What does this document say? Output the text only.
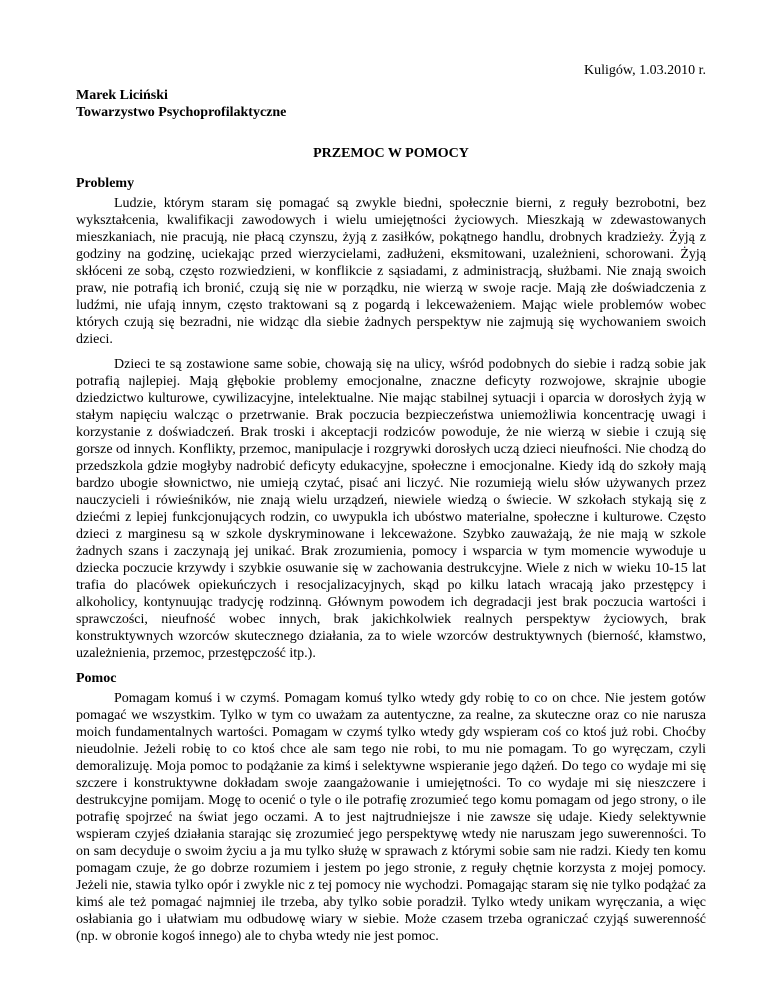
Kuligów, 1.03.2010 r.
Marek Liciński
Towarzystwo Psychoprofilaktyczne
PRZEMOC W POMOCY
Problemy

Ludzie, którym staram się pomagać są zwykle biedni, społecznie bierni, z reguły bezrobotni, bez wykształcenia, kwalifikacji zawodowych i wielu umiejętności życiowych. Mieszkają w zdewastowanych mieszkaniach, nie pracują, nie płacą czynszu, żyją z zasiłków, pokątnego handlu, drobnych kradzieży. Żyją z godziny na godzinę, uciekając przed wierzycielami, zadłużeni, eksmitowani, uzależnieni, schorowani. Żyją skłóceni ze sobą, często rozwiedzieni, w konflikcie z sąsiadami, z administracją, służbami. Nie znają swoich praw, nie potrafią ich bronić, czują się nie w porządku, nie wierzą w swoje racje. Mają złe doświadczenia z ludźmi, nie ufają innym, często traktowani są z pogardą i lekceważeniem. Mając wiele problemów wobec których czują się bezradni, nie widząc dla siebie żadnych perspektyw nie zajmują się wychowaniem swoich dzieci.

Dzieci te są zostawione same sobie, chowają się na ulicy, wśród podobnych do siebie i radzą sobie jak potrafią najlepiej. Mają głębokie problemy emocjonalne, znaczne deficyty rozwojowe, skrajnie ubogie dziedzictwo kulturowe, cywilizacyjne, intelektualne. Nie mając stabilnej sytuacji i oparcia w dorosłych żyją w stałym napięciu walcząc o przetrwanie. Brak poczucia bezpieczeństwa uniemożliwia koncentrację uwagi i korzystanie z doświadczeń. Brak troski i akceptacji rodziców powoduje, że nie wierzą w siebie i czują się gorsze od innych. Konflikty, przemoc, manipulacje i rozgrywki dorosłych uczą dzieci nieufności. Nie chodzą do przedszkola gdzie mogłyby nadrobić deficyty edukacyjne, społeczne i emocjonalne. Kiedy idą do szkoły mają bardzo ubogie słownictwo, nie umieją czytać, pisać ani liczyć. Nie rozumieją wielu słów używanych przez nauczycieli i rówieśników, nie znają wielu urządzeń, niewiele wiedzą o świecie. W szkołach stykają się z dziećmi z lepiej funkcjonujących rodzin, co uwypukla ich ubóstwo materialne, społeczne i kulturowe. Często dzieci z marginesu są w szkole dyskryminowane i lekceważone. Szybko zauważają, że nie mają w szkole żadnych szans i zaczynają jej unikać. Brak zrozumienia, pomocy i wsparcia w tym momencie wywoduje u dziecka poczucie krzywdy i szybkie osuwanie się w zachowania destrukcyjne. Wiele z nich w wieku 10-15 lat trafia do placówek opiekuńczych i resocjalizacyjnych, skąd po kilku latach wracają jako przestępcy i alkoholicy, kontynuując tradycję rodzinną. Głównym powodem ich degradacji jest brak poczucia wartości i sprawczości, nieufność wobec innych, brak jakichkolwiek realnych perspektyw życiowych, brak konstruktywnych wzorców skutecznego działania, za to wiele wzorców destruktywnych (bierność, kłamstwo, uzależnienia, przemoc, przestępczość itp.).

Pomoc

Pomagam komuś i w czymś. Pomagam komuś tylko wtedy gdy robię to co on chce. Nie jestem gotów pomagać we wszystkim. Tylko w tym co uważam za autentyczne, za realne, za skuteczne oraz co nie narusza moich fundamentalnych wartości. Pomagam w czymś tylko wtedy gdy wspieram coś co ktoś już robi. Choćby nieudolnie. Jeżeli robię to co ktoś chce ale sam tego nie robi, to mu nie pomagam. To go wyręczam, czyli demoralizuję. Moja pomoc to podążanie za kimś i selektywne wspieranie jego dążeń. Do tego co wydaje mi się szczere i konstruktywne dokładam swoje zaangażowanie i umiejętności. To co wydaje mi się nieszczere i destrukcyjne pomijam. Mogę to ocenić o tyle o ile potrafię zrozumieć tego komu pomagam od jego strony, o ile potrafię spojrzeć na świat jego oczami. A to jest najtrudniejsze i nie zawsze się udaje. Kiedy selektywnie wspieram czyjeś działania starając się zrozumieć jego perspektywę wtedy nie naruszam jego suwerenności. To on sam decyduje o swoim życiu a ja mu tylko służę w sprawach z którymi sobie sam nie radzi. Kiedy ten komu pomagam czuje, że go dobrze rozumiem i jestem po jego stronie, z reguły chętnie korzysta z mojej pomocy. Jeżeli nie, stawia tylko opór i zwykle nic z tej pomocy nie wychodzi. Pomagając staram się nie tylko podążać za kimś ale też pomagać najmniej ile trzeba, aby tylko sobie poradził. Tylko wtedy unikam wyręczania, a więc osłabiania go i ułatwiam mu odbudowę wiary w siebie. Może czasem trzeba ograniczać czyjąś suwerenność (np. w obronie kogoś innego) ale to chyba wtedy nie jest pomoc.
